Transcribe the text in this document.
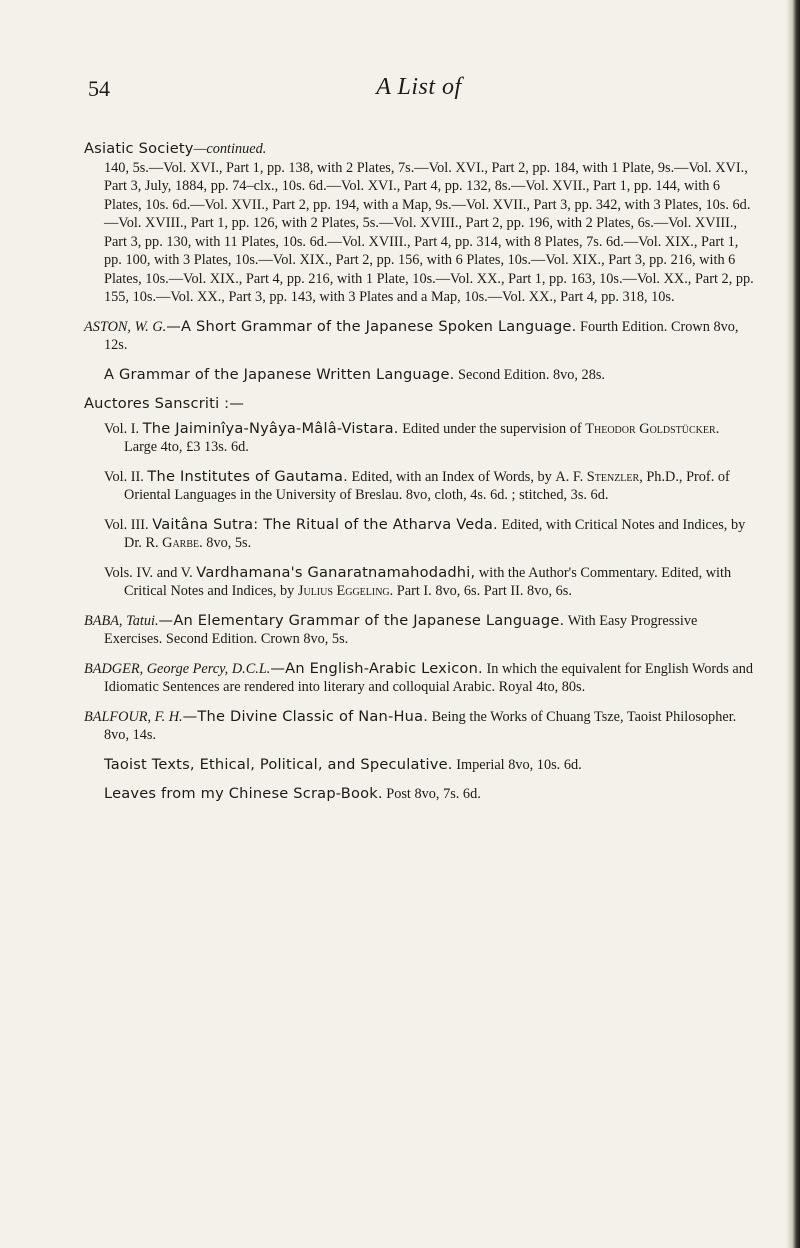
54	A List of

Asiatic Society—continued.
140, 5s.—Vol. XVI., Part 1, pp. 138, with 2 Plates, 7s.—Vol. XVI., Part 2, pp. 184, with 1 Plate, 9s.—Vol. XVI., Part 3, July, 1884, pp. 74–clx., 10s. 6d.—Vol. XVI., Part 4, pp. 132, 8s.—Vol. XVII., Part 1, pp. 144, with 6 Plates, 10s. 6d.—Vol. XVII., Part 2, pp. 194, with a Map, 9s.—Vol. XVII., Part 3, pp. 342, with 3 Plates, 10s. 6d.—Vol. XVIII., Part 1, pp. 126, with 2 Plates, 5s.—Vol. XVIII., Part 2, pp. 196, with 2 Plates, 6s.—Vol. XVIII., Part 3, pp. 130, with 11 Plates, 10s. 6d.—Vol. XVIII., Part 4, pp. 314, with 8 Plates, 7s. 6d.—Vol. XIX., Part 1, pp. 100, with 3 Plates, 10s.—Vol. XIX., Part 2, pp. 156, with 6 Plates, 10s.—Vol. XIX., Part 3, pp. 216, with 6 Plates, 10s.—Vol. XIX., Part 4, pp. 216, with 1 Plate, 10s.—Vol. XX., Part 1, pp. 163, 10s.—Vol. XX., Part 2, pp. 155, 10s.—Vol. XX., Part 3, pp. 143, with 3 Plates and a Map, 10s.—Vol. XX., Part 4, pp. 318, 10s.

ASTON, W. G.—A Short Grammar of the Japanese Spoken Language. Fourth Edition. Crown 8vo, 12s.

A Grammar of the Japanese Written Language. Second Edition. 8vo, 28s.

Auctores Sanscriti :—

Vol. I. The Jaiminîya-Nyâya-Mâlâ-Vistara. Edited under the supervision of Theodor Goldstücker. Large 4to, £3 13s. 6d.

Vol. II. The Institutes of Gautama. Edited, with an Index of Words, by A. F. Stenzler, Ph.D., Prof. of Oriental Languages in the University of Breslau. 8vo, cloth, 4s. 6d. ; stitched, 3s. 6d.

Vol. III. Vaitâna Sutra: The Ritual of the Atharva Veda. Edited, with Critical Notes and Indices, by Dr. R. Garbe. 8vo, 5s.

Vols. IV. and V. Vardhamana's Ganaratnamahodadhi, with the Author's Commentary. Edited, with Critical Notes and Indices, by Julius Eggeling. Part I. 8vo, 6s. Part II. 8vo, 6s.

BABA, Tatui.—An Elementary Grammar of the Japanese Language. With Easy Progressive Exercises. Second Edition. Crown 8vo, 5s.

BADGER, George Percy, D.C.L.—An English-Arabic Lexicon. In which the equivalent for English Words and Idiomatic Sentences are rendered into literary and colloquial Arabic. Royal 4to, 80s.

BALFOUR, F. H.—The Divine Classic of Nan-Hua. Being the Works of Chuang Tsze, Taoist Philosopher. 8vo, 14s.

Taoist Texts, Ethical, Political, and Speculative. Imperial 8vo, 10s. 6d.

Leaves from my Chinese Scrap-Book. Post 8vo, 7s. 6d.
